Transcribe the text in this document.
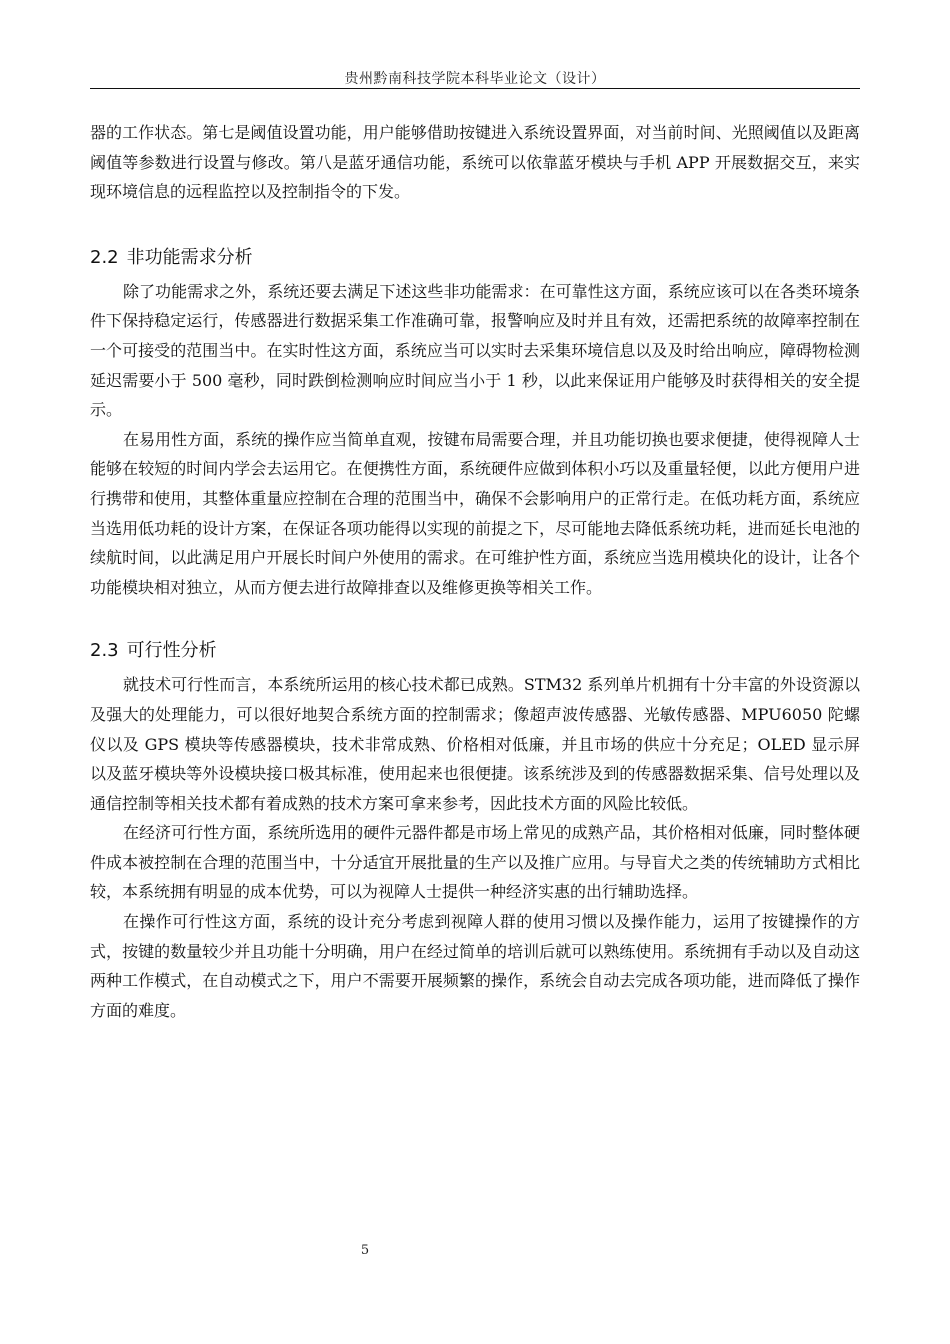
贵州黔南科技学院本科毕业论文（设计）

器的工作状态。第七是阈值设置功能，用户能够借助按键进入系统设置界面，对当前时间、光照阈值以及距离阈值等参数进行设置与修改。第八是蓝牙通信功能，系统可以依靠蓝牙模块与手机 APP 开展数据交互，来实现环境信息的远程监控以及控制指令的下发。

2.2 非功能需求分析

除了功能需求之外，系统还要去满足下述这些非功能需求：在可靠性这方面，系统应该可以在各类环境条件下保持稳定运行，传感器进行数据采集工作准确可靠，报警响应及时并且有效，还需把系统的故障率控制在一个可接受的范围当中。在实时性这方面，系统应当可以实时去采集环境信息以及及时给出响应，障碍物检测延迟需要小于 500 毫秒，同时跌倒检测响应时间应当小于 1 秒，以此来保证用户能够及时获得相关的安全提示。

在易用性方面，系统的操作应当简单直观，按键布局需要合理，并且功能切换也要求便捷，使得视障人士能够在较短的时间内学会去运用它。在便携性方面，系统硬件应做到体积小巧以及重量轻便，以此方便用户进行携带和使用，其整体重量应控制在合理的范围当中，确保不会影响用户的正常行走。在低功耗方面，系统应当选用低功耗的设计方案，在保证各项功能得以实现的前提之下，尽可能地去降低系统功耗，进而延长电池的续航时间，以此满足用户开展长时间户外使用的需求。在可维护性方面，系统应当选用模块化的设计，让各个功能模块相对独立，从而方便去进行故障排查以及维修更换等相关工作。

2.3 可行性分析

就技术可行性而言，本系统所运用的核心技术都已成熟。STM32 系列单片机拥有十分丰富的外设资源以及强大的处理能力，可以很好地契合系统方面的控制需求；像超声波传感器、光敏传感器、MPU6050 陀螺仪以及 GPS 模块等传感器模块，技术非常成熟、价格相对低廉，并且市场的供应十分充足；OLED 显示屏以及蓝牙模块等外设模块接口极其标准，使用起来也很便捷。该系统涉及到的传感器数据采集、信号处理以及通信控制等相关技术都有着成熟的技术方案可拿来参考，因此技术方面的风险比较低。

在经济可行性方面，系统所选用的硬件元器件都是市场上常见的成熟产品，其价格相对低廉，同时整体硬件成本被控制在合理的范围当中，十分适宜开展批量的生产以及推广应用。与导盲犬之类的传统辅助方式相比较，本系统拥有明显的成本优势，可以为视障人士提供一种经济实惠的出行辅助选择。

在操作可行性这方面，系统的设计充分考虑到视障人群的使用习惯以及操作能力，运用了按键操作的方式，按键的数量较少并且功能十分明确，用户在经过简单的培训后就可以熟练使用。系统拥有手动以及自动这两种工作模式，在自动模式之下，用户不需要开展频繁的操作，系统会自动去完成各项功能，进而降低了操作方面的难度。

5
